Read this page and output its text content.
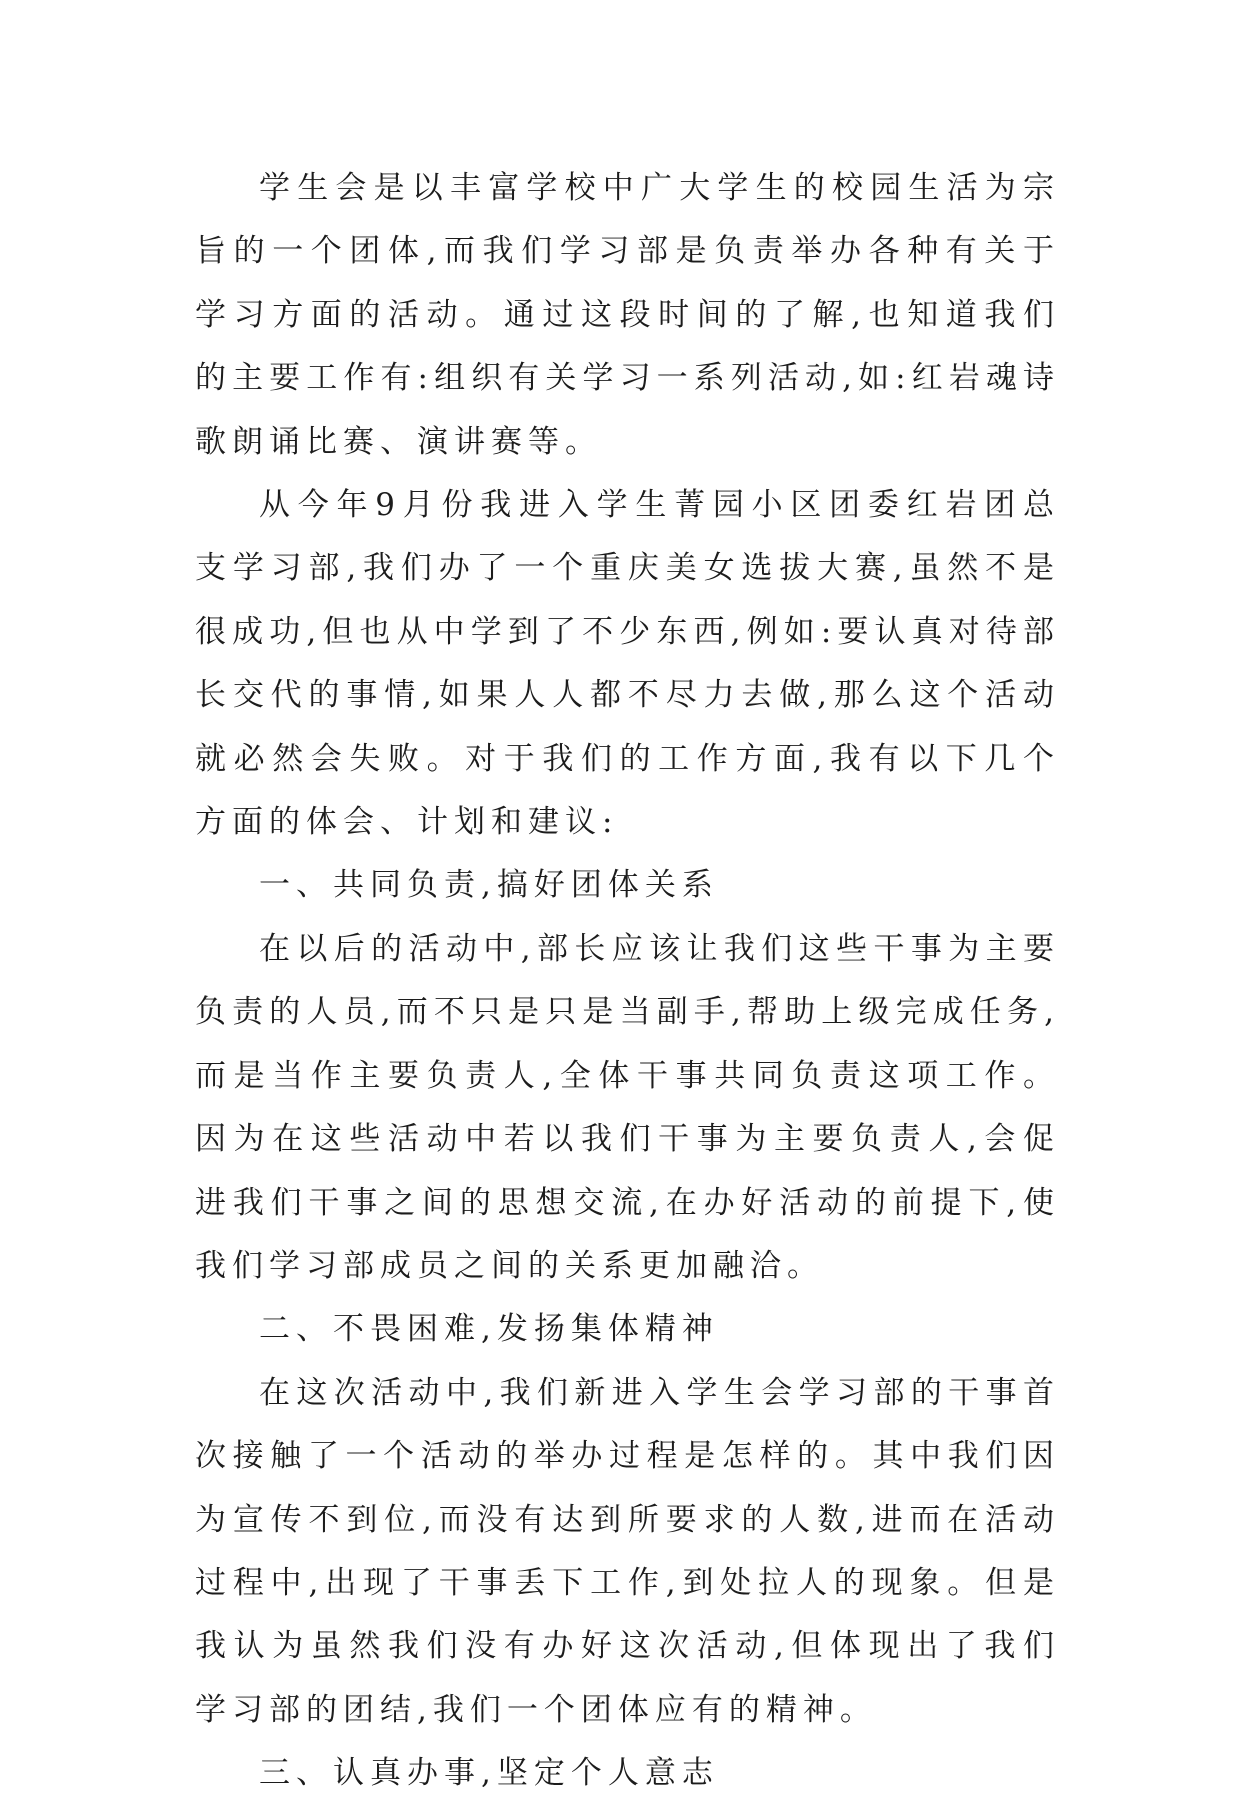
学生会是以丰富学校中广大学生的校园生活为宗旨的一个团体,而我们学习部是负责举办各种有关于学习方面的活动。通过这段时间的了解,也知道我们的主要工作有:组织有关学习一系列活动,如:红岩魂诗歌朗诵比赛、演讲赛等。

从今年9月份我进入学生菁园小区团委红岩团总支学习部,我们办了一个重庆美女选拔大赛,虽然不是很成功,但也从中学到了不少东西,例如:要认真对待部长交代的事情,如果人人都不尽力去做,那么这个活动就必然会失败。对于我们的工作方面,我有以下几个方面的体会、计划和建议:

一、共同负责,搞好团体关系

在以后的活动中,部长应该让我们这些干事为主要负责的人员,而不只是只是当副手,帮助上级完成任务,而是当作主要负责人,全体干事共同负责这项工作。因为在这些活动中若以我们干事为主要负责人,会促进我们干事之间的思想交流,在办好活动的前提下,使我们学习部成员之间的关系更加融洽。

二、不畏困难,发扬集体精神

在这次活动中,我们新进入学生会学习部的干事首次接触了一个活动的举办过程是怎样的。其中我们因为宣传不到位,而没有达到所要求的人数,进而在活动过程中,出现了干事丢下工作,到处拉人的现象。但是我认为虽然我们没有办好这次活动,但体现出了我们学习部的团结,我们一个团体应有的精神。

三、认真办事,坚定个人意志
